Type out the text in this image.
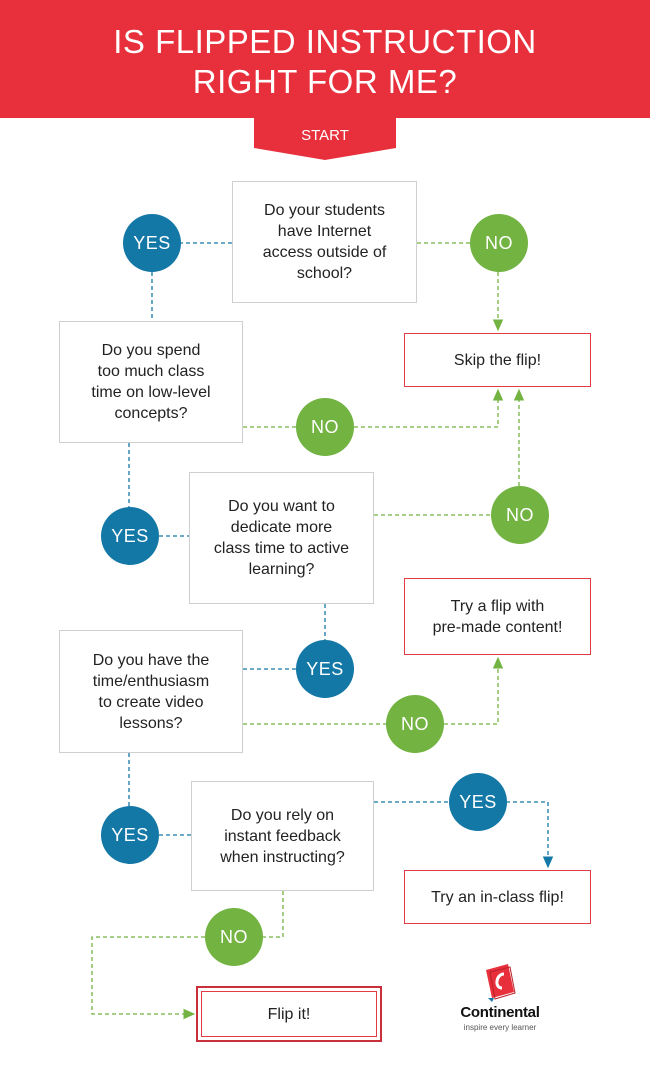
IS FLIPPED INSTRUCTION
RIGHT FOR ME?
START
Do your students
have Internet
access outside of
school?
Do you spend
too much class
time on low-level
concepts?
Do you want to
dedicate more
class time to active
learning?
Do you have the
time/enthusiasm
to create video
lessons?
Do you rely on
instant feedback
when instructing?
Skip the flip!
Try a flip with
pre-made content!
Try an in-class flip!
Flip it!
YES	NO
NO
NO
YES
YES
NO
YES
YES
NO
Continental
inspire every learner
